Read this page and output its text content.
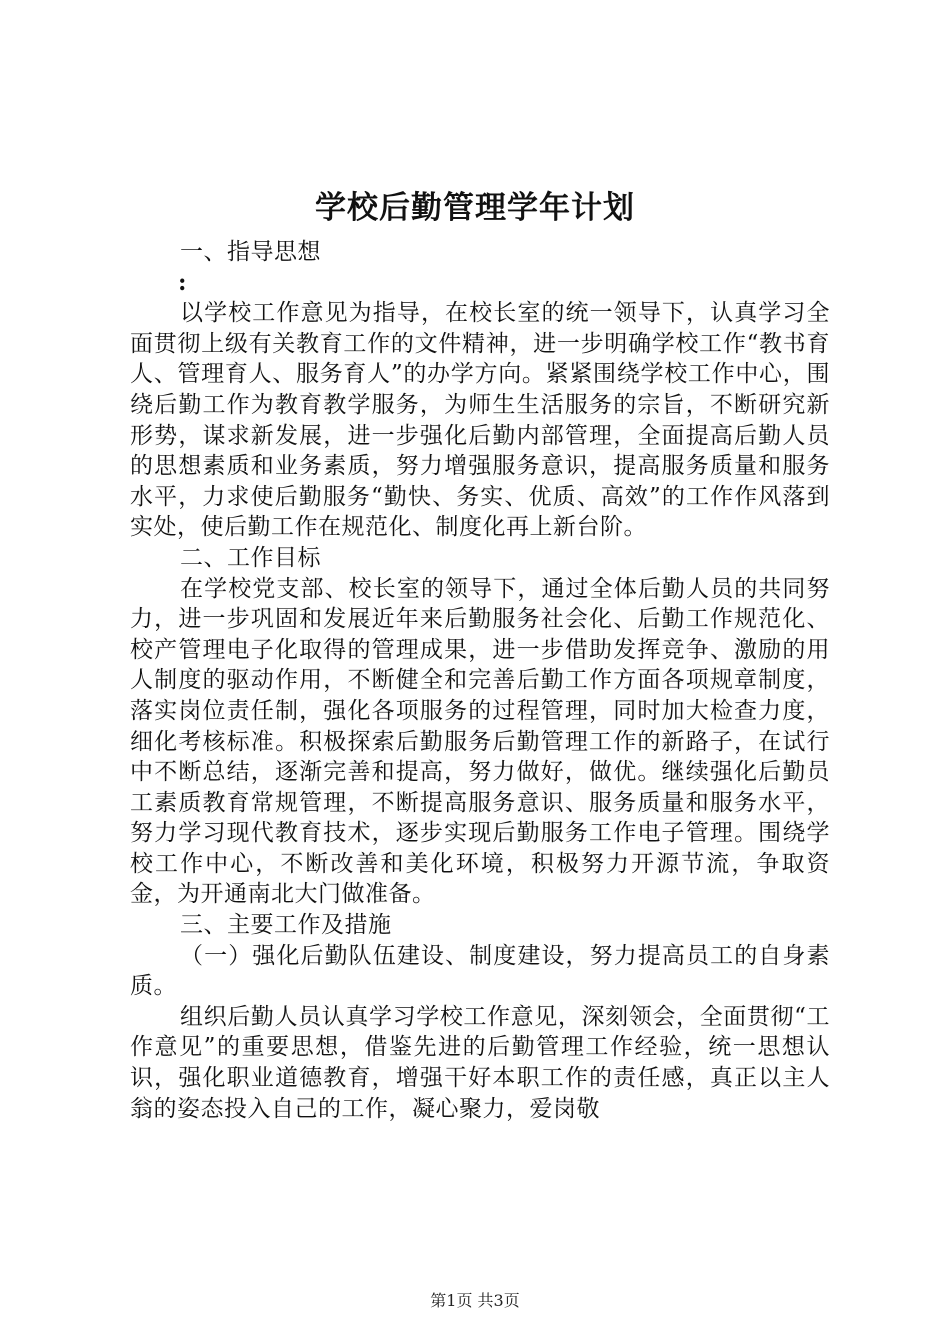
学校后勤管理学年计划

一、指导思想

:

以学校工作意见为指导，在校长室的统一领导下，认真学习全面贯彻上级有关教育工作的文件精神，进一步明确学校工作“教书育人、管理育人、服务育人”的办学方向。紧紧围绕学校工作中心，围绕后勤工作为教育教学服务，为师生生活服务的宗旨，不断研究新形势，谋求新发展，进一步强化后勤内部管理，全面提高后勤人员的思想素质和业务素质，努力增强服务意识，提高服务质量和服务水平，力求使后勤服务“勤快、务实、优质、高效”的工作作风落到实处，使后勤工作在规范化、制度化再上新台阶。

二、工作目标

在学校党支部、校长室的领导下，通过全体后勤人员的共同努力，进一步巩固和发展近年来后勤服务社会化、后勤工作规范化、校产管理电子化取得的管理成果，进一步借助发挥竞争、激励的用人制度的驱动作用，不断健全和完善后勤工作方面各项规章制度，落实岗位责任制，强化各项服务的过程管理，同时加大检查力度，细化考核标准。积极探索后勤服务后勤管理工作的新路子，在试行中不断总结，逐渐完善和提高，努力做好，做优。继续强化后勤员工素质教育常规管理，不断提高服务意识、服务质量和服务水平，努力学习现代教育技术，逐步实现后勤服务工作电子管理。围绕学校工作中心，不断改善和美化环境，积极努力开源节流，争取资金，为开通南北大门做准备。

三、主要工作及措施

（一）强化后勤队伍建设、制度建设，努力提高员工的自身素质。

组织后勤人员认真学习学校工作意见，深刻领会，全面贯彻“工作意见”的重要思想，借鉴先进的后勤管理工作经验，统一思想认识，强化职业道德教育，增强干好本职工作的责任感，真正以主人翁的姿态投入自己的工作，凝心聚力，爱岗敬

第1页 共3页
